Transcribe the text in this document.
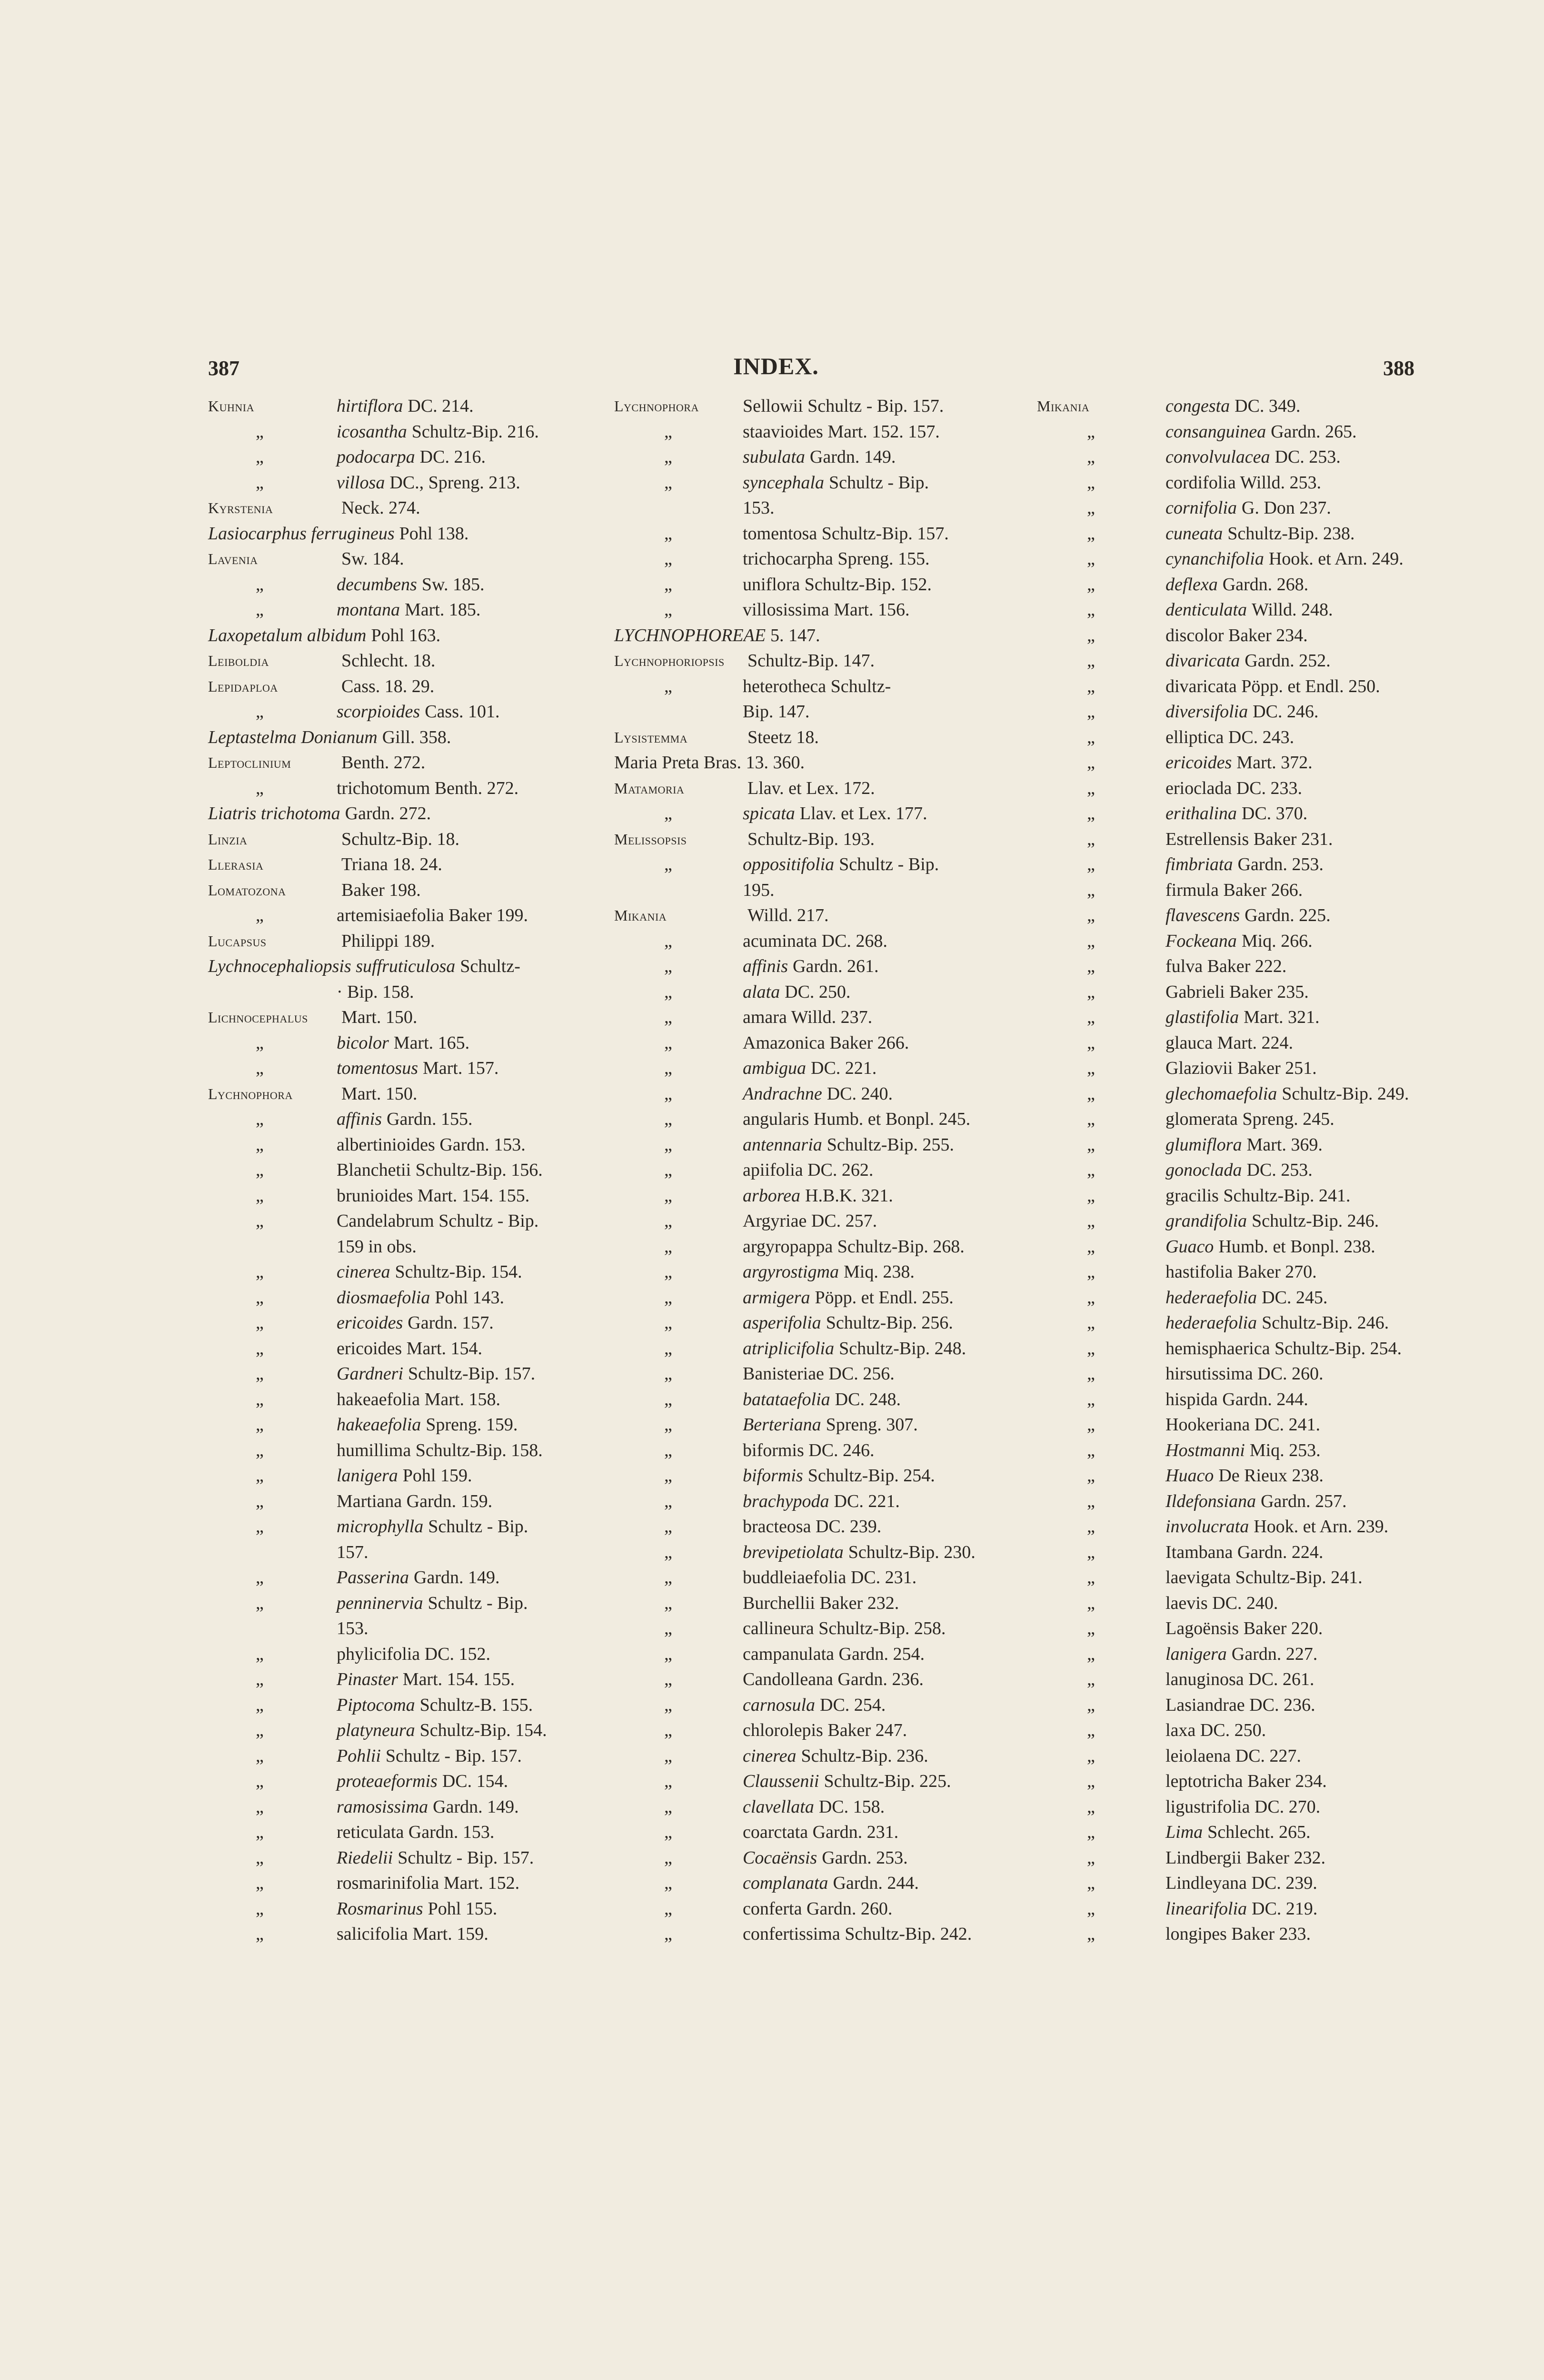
387	INDEX.	388
Kuhnia	hirtiflora DC. 214.
„	icosantha Schultz-Bip. 216.
„	podocarpa DC. 216.
„	villosa DC., Spreng. 213.
Kyrstenia	Neck. 274.
Lasiocarphus ferrugineus Pohl 138.
Lavenia	Sw. 184.
„	decumbens Sw. 185.
„	montana Mart. 185.
Laxopetalum albidum Pohl 163.
Leiboldia	Schlecht. 18.
Lepidaploa	Cass. 18. 29.
„	scorpioides Cass. 101.
Leptastelma Donianum Gill. 358.
Leptoclinium	Benth. 272.
„	trichotomum Benth. 272.
Liatris trichotoma Gardn. 272.
Linzia	Schultz-Bip. 18.
Llerasia	Triana 18. 24.
Lomatozona	Baker 198.
„	artemisiaefolia Baker 199.
Lucapsus	Philippi 189.
Lychnocephaliopsis suffruticulosa Schultz-
· Bip. 158.
Lichnocephalus	Mart. 150.
„	bicolor Mart. 165.
„	tomentosus Mart. 157.
Lychnophora	Mart. 150.
„	affinis Gardn. 155.
„	albertinioides Gardn. 153.
„	Blanchetii Schultz-Bip. 156.
„	brunioides Mart. 154. 155.
„	Candelabrum Schultz - Bip.
159 in obs.
„	cinerea Schultz-Bip. 154.
„	diosmaefolia Pohl 143.
„	ericoides Gardn. 157.
„	ericoides Mart. 154.
„	Gardneri Schultz-Bip. 157.
„	hakeaefolia Mart. 158.
„	hakeaefolia Spreng. 159.
„	humillima Schultz-Bip. 158.
„	lanigera Pohl 159.
„	Martiana Gardn. 159.
„	microphylla Schultz - Bip.
157.
„	Passerina Gardn. 149.
„	penninervia Schultz - Bip.
153.
„	phylicifolia DC. 152.
„	Pinaster Mart. 154. 155.
„	Piptocoma Schultz-B. 155.
„	platyneura Schultz-Bip. 154.
„	Pohlii Schultz - Bip. 157.
„	proteaeformis DC. 154.
„	ramosissima Gardn. 149.
„	reticulata Gardn. 153.
„	Riedelii Schultz - Bip. 157.
„	rosmarinifolia Mart. 152.
„	Rosmarinus Pohl 155.
„	salicifolia Mart. 159.
Lychnophora	Sellowii Schultz - Bip. 157.
„	staavioides Mart. 152. 157.
„	subulata Gardn. 149.
„	syncephala Schultz - Bip.
153.
„	tomentosa Schultz-Bip. 157.
„	trichocarpha Spreng. 155.
„	uniflora Schultz-Bip. 152.
„	villosissima Mart. 156.
LYCHNOPHOREAE 5. 147.
Lychnophoriopsis	Schultz-Bip. 147.
„	heterotheca Schultz-
Bip. 147.
Lysistemma	Steetz 18.
Maria Preta Bras. 13. 360.
Matamoria	Llav. et Lex. 172.
„	spicata Llav. et Lex. 177.
Melissopsis	Schultz-Bip. 193.
„	oppositifolia Schultz - Bip.
195.
Mikania	Willd. 217.
„	acuminata DC. 268.
„	affinis Gardn. 261.
„	alata DC. 250.
„	amara Willd. 237.
„	Amazonica Baker 266.
„	ambigua DC. 221.
„	Andrachne DC. 240.
„	angularis Humb. et Bonpl. 245.
„	antennaria Schultz-Bip. 255.
„	apiifolia DC. 262.
„	arborea H.B.K. 321.
„	Argyriae DC. 257.
„	argyropappa Schultz-Bip. 268.
„	argyrostigma Miq. 238.
„	armigera Pöpp. et Endl. 255.
„	asperifolia Schultz-Bip. 256.
„	atriplicifolia Schultz-Bip. 248.
„	Banisteriae DC. 256.
„	batataefolia DC. 248.
„	Berteriana Spreng. 307.
„	biformis DC. 246.
„	biformis Schultz-Bip. 254.
„	brachypoda DC. 221.
„	bracteosa DC. 239.
„	brevipetiolata Schultz-Bip. 230.
„	buddleiaefolia DC. 231.
„	Burchellii Baker 232.
„	callineura Schultz-Bip. 258.
„	campanulata Gardn. 254.
„	Candolleana Gardn. 236.
„	carnosula DC. 254.
„	chlorolepis Baker 247.
„	cinerea Schultz-Bip. 236.
„	Claussenii Schultz-Bip. 225.
„	clavellata DC. 158.
„	coarctata Gardn. 231.
„	Cocaënsis Gardn. 253.
„	complanata Gardn. 244.
„	conferta Gardn. 260.
„	confertissima Schultz-Bip. 242.
Mikania	congesta DC. 349.
„	consanguinea Gardn. 265.
„	convolvulacea DC. 253.
„	cordifolia Willd. 253.
„	cornifolia G. Don 237.
„	cuneata Schultz-Bip. 238.
„	cynanchifolia Hook. et Arn. 249.
„	deflexa Gardn. 268.
„	denticulata Willd. 248.
„	discolor Baker 234.
„	divaricata Gardn. 252.
„	divaricata Pöpp. et Endl. 250.
„	diversifolia DC. 246.
„	elliptica DC. 243.
„	ericoides Mart. 372.
„	erioclada DC. 233.
„	erithalina DC. 370.
„	Estrellensis Baker 231.
„	fimbriata Gardn. 253.
„	firmula Baker 266.
„	flavescens Gardn. 225.
„	Fockeana Miq. 266.
„	fulva Baker 222.
„	Gabrieli Baker 235.
„	glastifolia Mart. 321.
„	glauca Mart. 224.
„	Glaziovii Baker 251.
„	glechomaefolia Schultz-Bip. 249.
„	glomerata Spreng. 245.
„	glumiflora Mart. 369.
„	gonoclada DC. 253.
„	gracilis Schultz-Bip. 241.
„	grandifolia Schultz-Bip. 246.
„	Guaco Humb. et Bonpl. 238.
„	hastifolia Baker 270.
„	hederaefolia DC. 245.
„	hederaefolia Schultz-Bip. 246.
„	hemisphaerica Schultz-Bip. 254.
„	hirsutissima DC. 260.
„	hispida Gardn. 244.
„	Hookeriana DC. 241.
„	Hostmanni Miq. 253.
„	Huaco De Rieux 238.
„	Ildefonsiana Gardn. 257.
„	involucrata Hook. et Arn. 239.
„	Itambana Gardn. 224.
„	laevigata Schultz-Bip. 241.
„	laevis DC. 240.
„	Lagoënsis Baker 220.
„	lanigera Gardn. 227.
„	lanuginosa DC. 261.
„	Lasiandrae DC. 236.
„	laxa DC. 250.
„	leiolaena DC. 227.
„	leptotricha Baker 234.
„	ligustrifolia DC. 270.
„	Lima Schlecht. 265.
„	Lindbergii Baker 232.
„	Lindleyana DC. 239.
„	linearifolia DC. 219.
„	longipes Baker 233.
